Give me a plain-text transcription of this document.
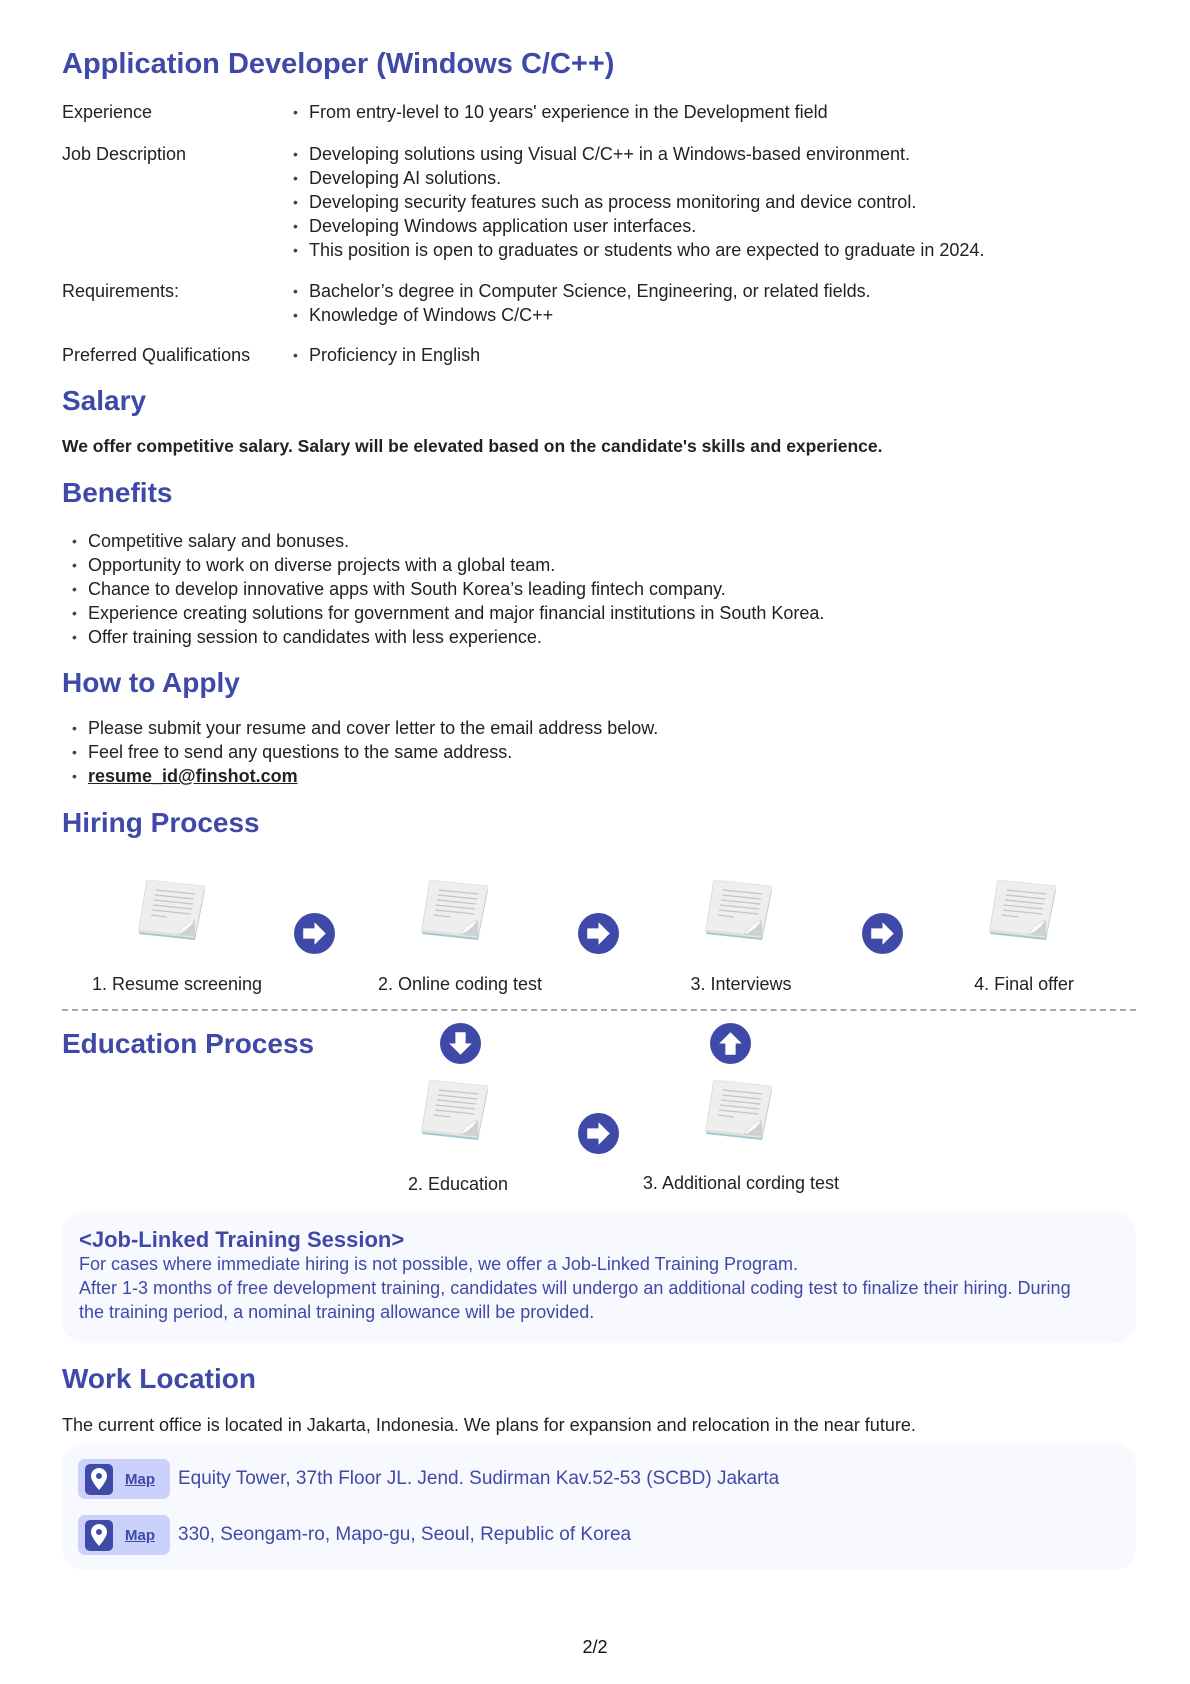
Application Developer (Windows C/C++)
Experience	• From entry-level to 10 years' experience in the Development field
Job Description	• Developing solutions using Visual C/C++ in a Windows-based environment.
• Developing AI solutions.
• Developing security features such as process monitoring and device control.
• Developing Windows application user interfaces.
• This position is open to graduates or students who are expected to graduate in 2024.
Requirements:	• Bachelor’s degree in Computer Science, Engineering, or related fields.
• Knowledge of Windows C/C++
Preferred Qualifications	• Proficiency in English
Salary
We offer competitive salary. Salary will be elevated based on the candidate's skills and experience.
Benefits
• Competitive salary and bonuses.
• Opportunity to work on diverse projects with a global team.
• Chance to develop innovative apps with South Korea’s leading fintech company.
• Experience creating solutions for government and major financial institutions in South Korea.
• Offer training session to candidates with less experience.
How to Apply
• Please submit your resume and cover letter to the email address below.
• Feel free to send any questions to the same address.
• resume_id@finshot.com
Hiring Process
1. Resume screening	2. Online coding test	3. Interviews	4. Final offer
Education Process
2. Education	3. Additional cording test
<Job-Linked Training Session>
For cases where immediate hiring is not possible, we offer a Job-Linked Training Program.
After 1-3 months of free development training, candidates will undergo an additional coding test to finalize their hiring. During the training period, a nominal training allowance will be provided.
Work Location
The current office is located in Jakarta, Indonesia. We plans for expansion and relocation in the near future.
Map Equity Tower, 37th Floor JL. Jend. Sudirman Kav.52-53 (SCBD) Jakarta
Map 330, Seongam-ro, Mapo-gu, Seoul, Republic of Korea
2/2
